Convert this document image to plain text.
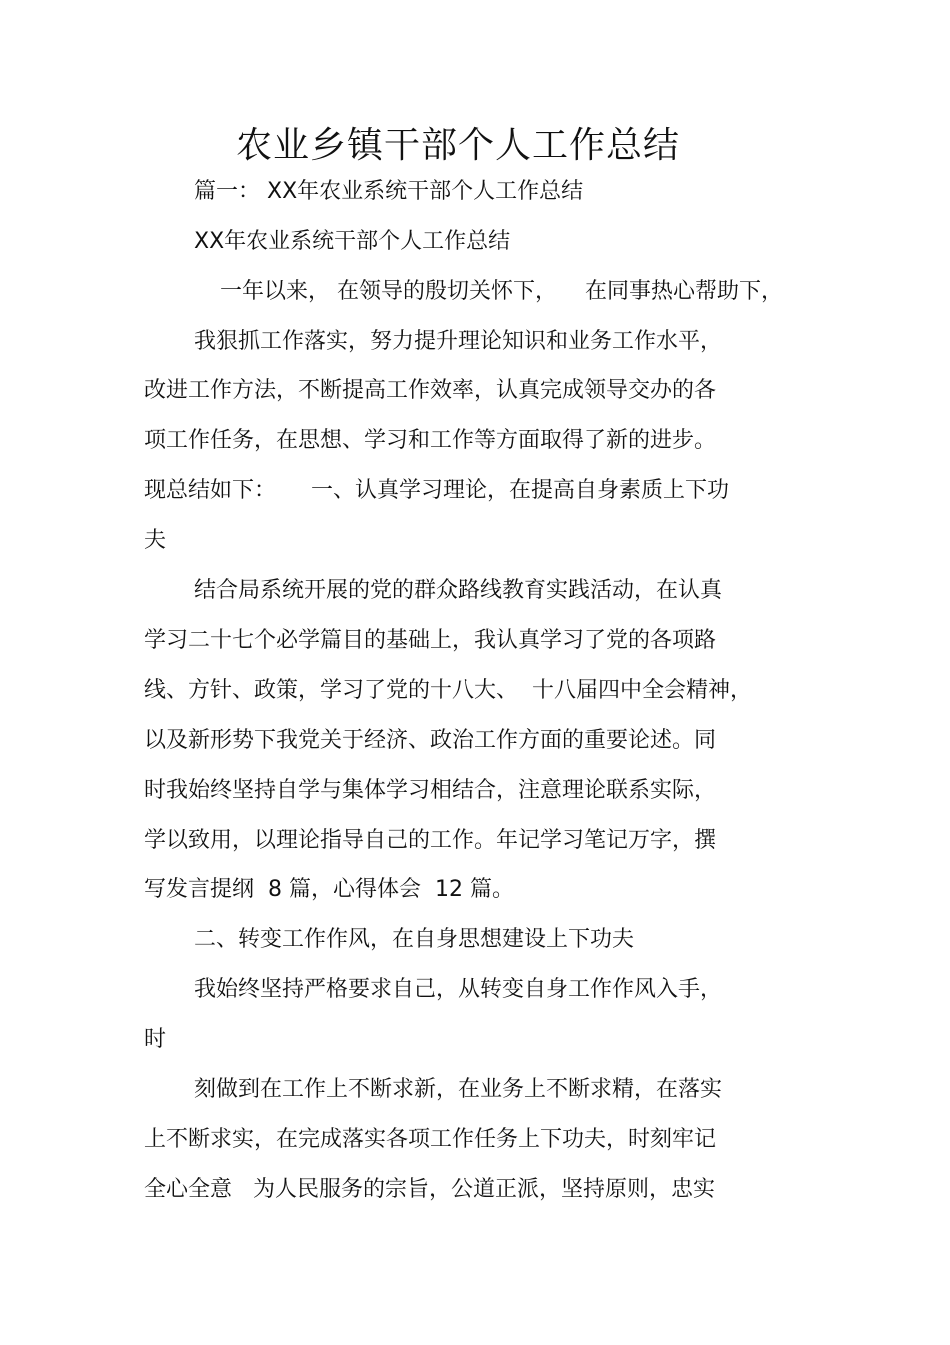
农业乡镇干部个人工作总结
篇一： XX年农业系统干部个人工作总结
XX年农业系统干部个人工作总结
一年以来， 在领导的殷切关怀下，    在同事热心帮助下，
我狠抓工作落实，努力提升理论知识和业务工作水平，
改进工作方法，不断提高工作效率，认真完成领导交办的各
项工作任务，在思想、学习和工作等方面取得了新的进步。
现总结如下：     一、认真学习理论，在提高自身素质上下功
夫
结合局系统开展的党的群众路线教育实践活动，在认真
学习二十七个必学篇目的基础上，我认真学习了党的各项路
线、方针、政策，学习了党的十八大、  十八届四中全会精神，
以及新形势下我党关于经济、政治工作方面的重要论述。同
时我始终坚持自学与集体学习相结合，注意理论联系实际，
学以致用，以理论指导自己的工作。年记学习笔记万字，撰
写发言提纲  8 篇，心得体会  12 篇。
二、转变工作作风，在自身思想建设上下功夫
我始终坚持严格要求自己，从转变自身工作作风入手，
时
刻做到在工作上不断求新，在业务上不断求精，在落实
上不断求实，在完成落实各项工作任务上下功夫，时刻牢记
全心全意   为人民服务的宗旨，公道正派，坚持原则，忠实
